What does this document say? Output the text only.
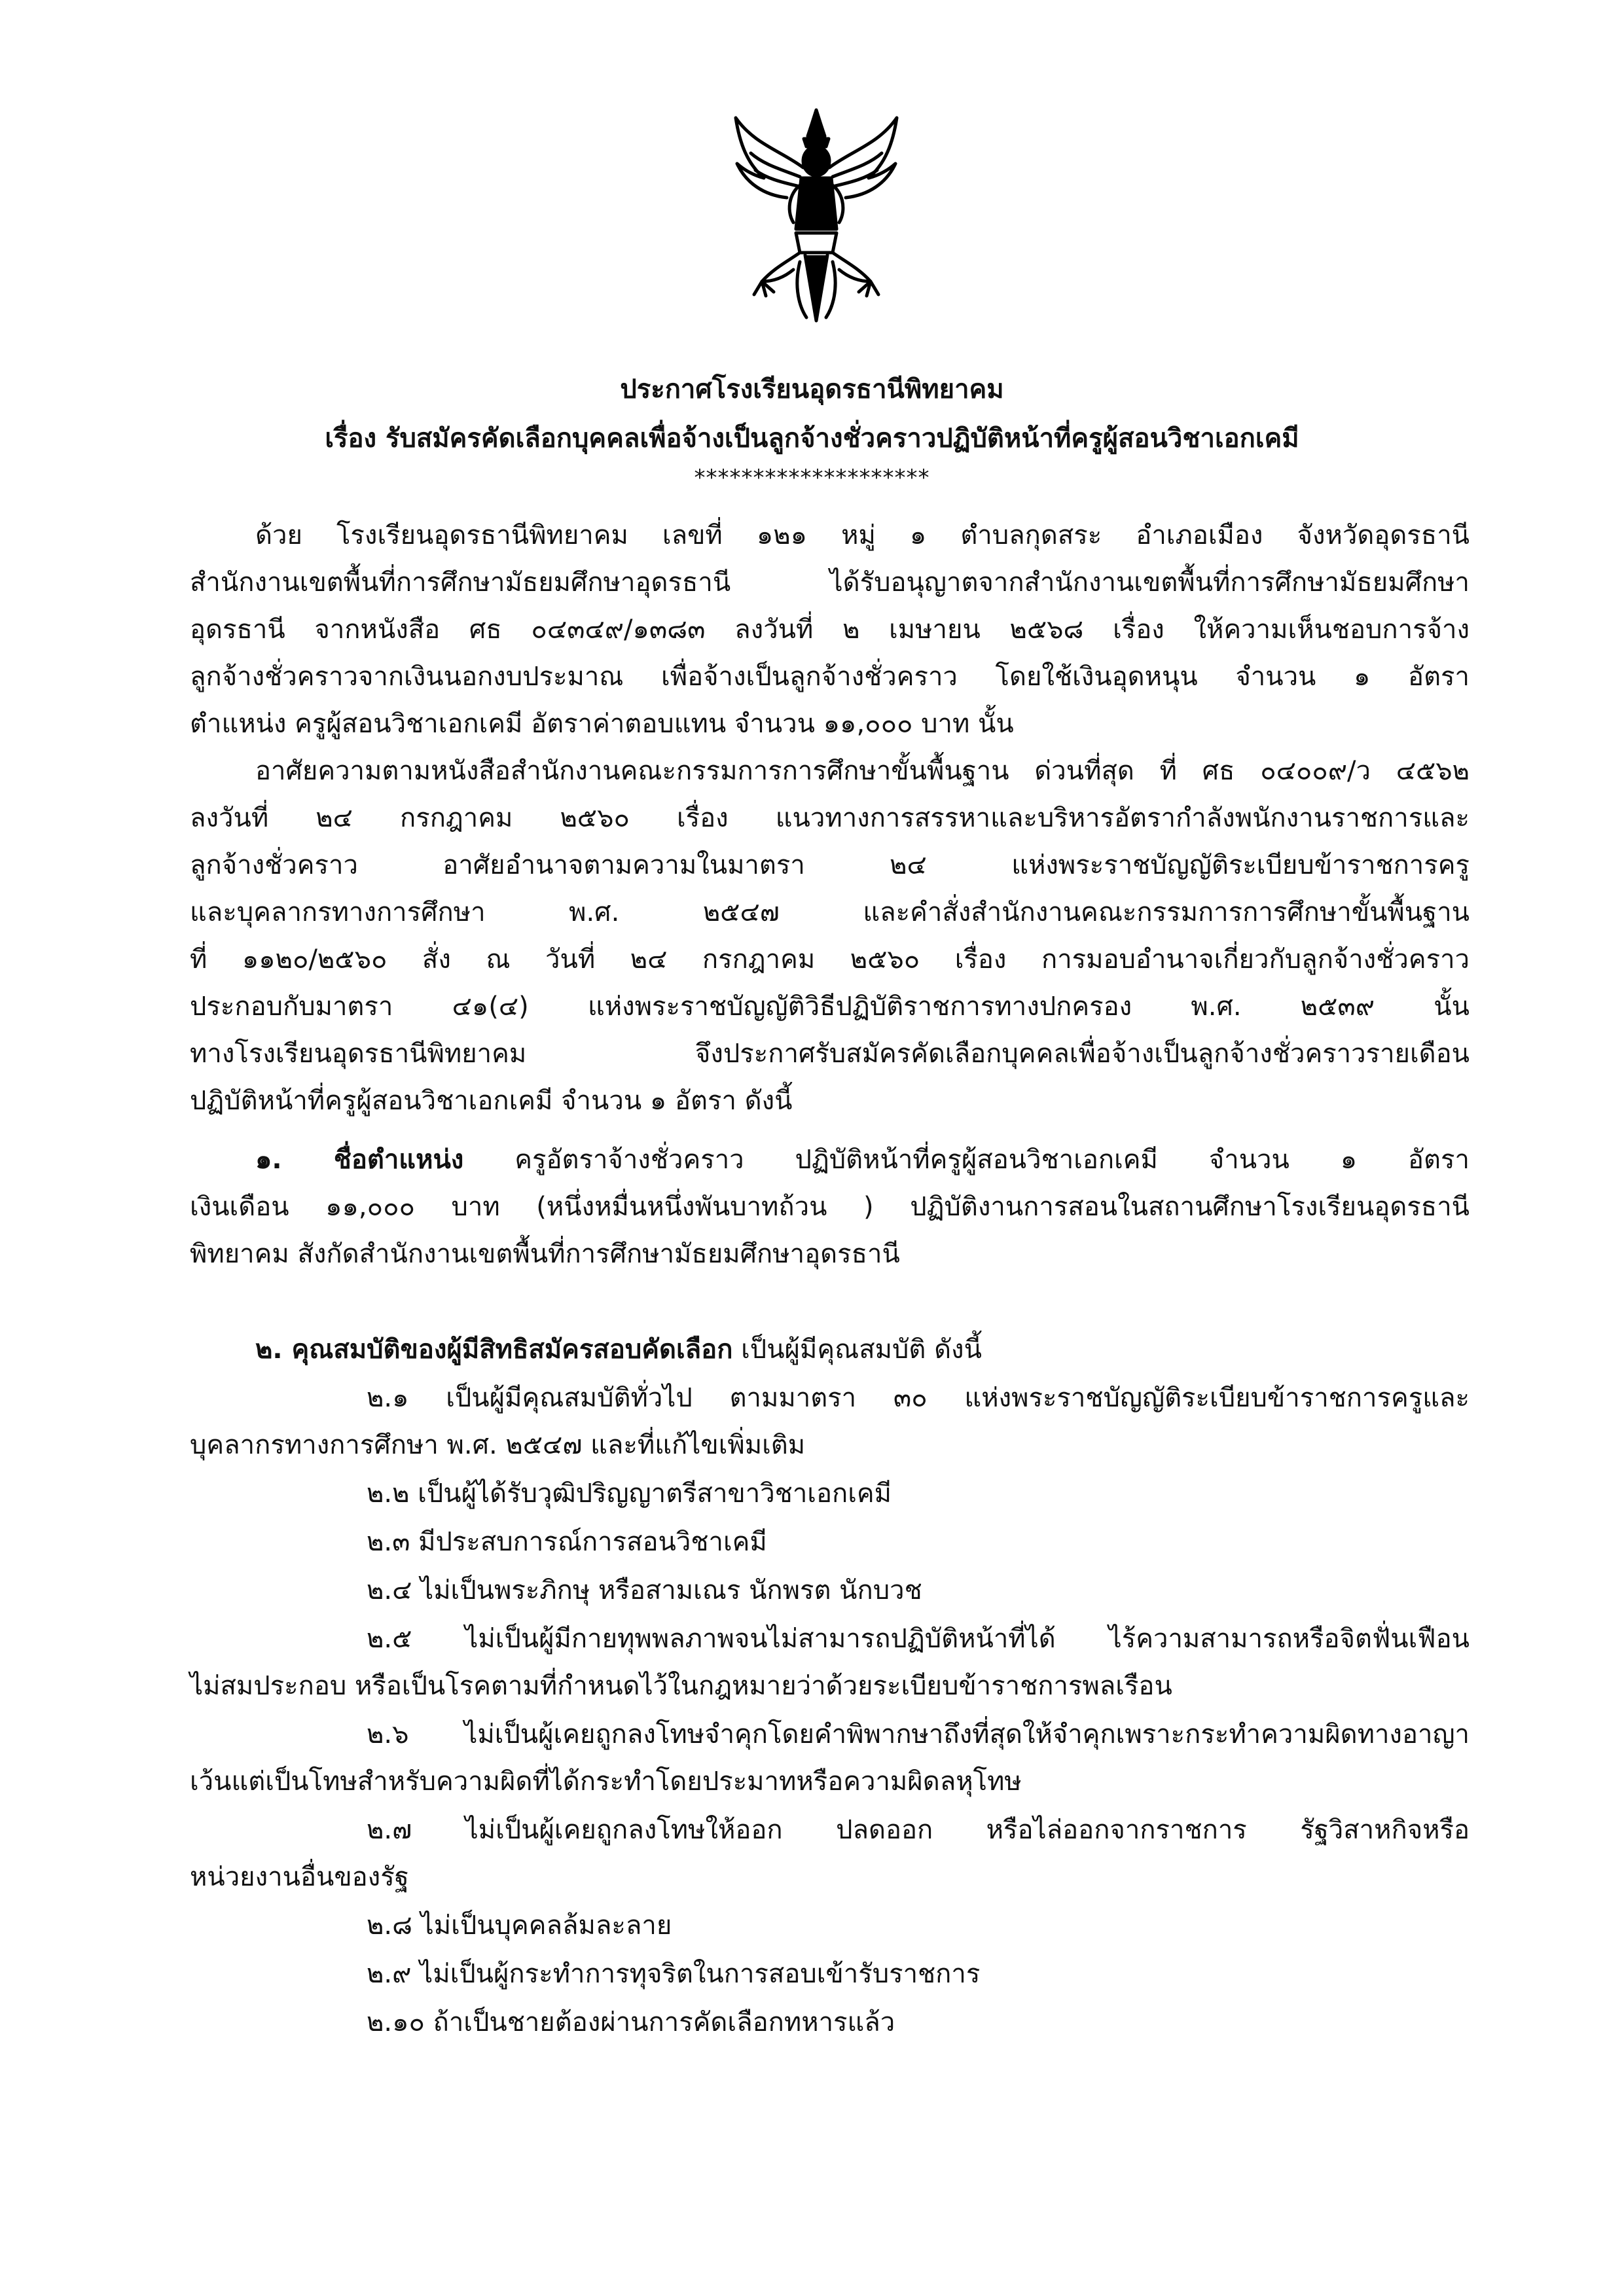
ประกาศโรงเรียนอุดรธานีพิทยาคม
เรื่อง รับสมัครคัดเลือกบุคคลเพื่อจ้างเป็นลูกจ้างชั่วคราวปฏิบัติหน้าที่ครูผู้สอนวิชาเอกเคมี
********************
ด้วย โรงเรียนอุดรธานีพิทยาคม เลขที่ ๑๒๑ หมู่ ๑ ตำบลกุดสระ อำเภอเมือง จังหวัดอุดรธานี
สำนักงานเขตพื้นที่การศึกษามัธยมศึกษาอุดรธานี ได้รับอนุญาตจากสำนักงานเขตพื้นที่การศึกษามัธยมศึกษา
อุดรธานี จากหนังสือ ศธ ๐๔๓๔๙/๑๓๘๓ ลงวันที่ ๒ เมษายน ๒๕๖๘ เรื่อง ให้ความเห็นชอบการจ้าง
ลูกจ้างชั่วคราวจากเงินนอกงบประมาณ เพื่อจ้างเป็นลูกจ้างชั่วคราว โดยใช้เงินอุดหนุน จำนวน ๑ อัตรา
ตำแหน่ง ครูผู้สอนวิชาเอกเคมี อัตราค่าตอบแทน จำนวน ๑๑,๐๐๐ บาท นั้น
อาศัยความตามหนังสือสำนักงานคณะกรรมการการศึกษาขั้นพื้นฐาน ด่วนที่สุด ที่ ศธ ๐๔๐๐๙/ว ๔๕๖๒
ลงวันที่ ๒๔ กรกฎาคม ๒๕๖๐ เรื่อง แนวทางการสรรหาและบริหารอัตรากำลังพนักงานราชการและ
ลูกจ้างชั่วคราว อาศัยอำนาจตามความในมาตรา ๒๔ แห่งพระราชบัญญัติระเบียบข้าราชการครู
และบุคลากรทางการศึกษา พ.ศ. ๒๕๔๗ และคำสั่งสำนักงานคณะกรรมการการศึกษาขั้นพื้นฐาน
ที่ ๑๑๒๐/๒๕๖๐ สั่ง ณ วันที่ ๒๔ กรกฎาคม ๒๕๖๐ เรื่อง การมอบอำนาจเกี่ยวกับลูกจ้างชั่วคราว
ประกอบกับมาตรา ๔๑(๔) แห่งพระราชบัญญัติวิธีปฏิบัติราชการทางปกครอง พ.ศ. ๒๕๓๙ นั้น
ทางโรงเรียนอุดรธานีพิทยาคม จึงประกาศรับสมัครคัดเลือกบุคคลเพื่อจ้างเป็นลูกจ้างชั่วคราวรายเดือน
ปฏิบัติหน้าที่ครูผู้สอนวิชาเอกเคมี จำนวน ๑ อัตรา ดังนี้
๑. ชื่อตำแหน่ง ครูอัตราจ้างชั่วคราว ปฏิบัติหน้าที่ครูผู้สอนวิชาเอกเคมี จำนวน ๑ อัตรา
เงินเดือน ๑๑,๐๐๐ บาท (หนึ่งหมื่นหนึ่งพันบาทถ้วน ) ปฏิบัติงานการสอนในสถานศึกษาโรงเรียนอุดรธานี
พิทยาคม สังกัดสำนักงานเขตพื้นที่การศึกษามัธยมศึกษาอุดรธานี
๒. คุณสมบัติของผู้มีสิทธิสมัครสอบคัดเลือก เป็นผู้มีคุณสมบัติ ดังนี้
๒.๑ เป็นผู้มีคุณสมบัติทั่วไป ตามมาตรา ๓๐ แห่งพระราชบัญญัติระเบียบข้าราชการครูและ
บุคลากรทางการศึกษา พ.ศ. ๒๕๔๗ และที่แก้ไขเพิ่มเติม
๒.๒ เป็นผู้ได้รับวุฒิปริญญาตรีสาขาวิชาเอกเคมี
๒.๓ มีประสบการณ์การสอนวิชาเคมี
๒.๔ ไม่เป็นพระภิกษุ หรือสามเณร นักพรต นักบวช
๒.๕ ไม่เป็นผู้มีกายทุพพลภาพจนไม่สามารถปฏิบัติหน้าที่ได้ ไร้ความสามารถหรือจิตฟั่นเฟือน
ไม่สมประกอบ หรือเป็นโรคตามที่กำหนดไว้ในกฎหมายว่าด้วยระเบียบข้าราชการพลเรือน
๒.๖ ไม่เป็นผู้เคยถูกลงโทษจำคุกโดยคำพิพากษาถึงที่สุดให้จำคุกเพราะกระทำความผิดทางอาญา
เว้นแต่เป็นโทษสำหรับความผิดที่ได้กระทำโดยประมาทหรือความผิดลหุโทษ
๒.๗ ไม่เป็นผู้เคยถูกลงโทษให้ออก ปลดออก หรือไล่ออกจากราชการ รัฐวิสาหกิจหรือ
หน่วยงานอื่นของรัฐ
๒.๘ ไม่เป็นบุคคลล้มละลาย
๒.๙ ไม่เป็นผู้กระทำการทุจริตในการสอบเข้ารับราชการ
๒.๑๐ ถ้าเป็นชายต้องผ่านการคัดเลือกทหารแล้ว
